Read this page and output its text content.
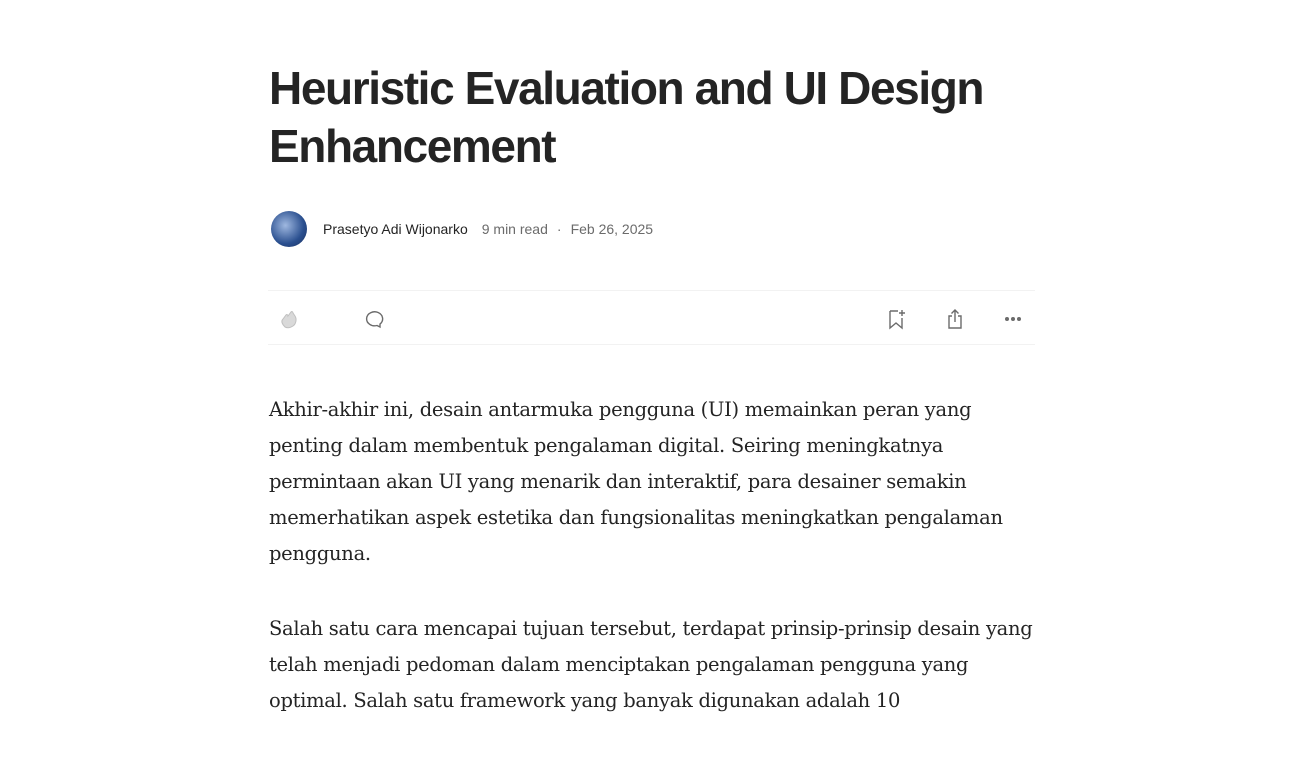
Heuristic Evaluation and UI Design Enhancement
Prasetyo Adi Wijonarko 9 min read · Feb 26, 2025

Akhir-akhir ini, desain antarmuka pengguna (UI) memainkan peran yang penting dalam membentuk pengalaman digital. Seiring meningkatnya permintaan akan UI yang menarik dan interaktif, para desainer semakin memerhatikan aspek estetika dan fungsionalitas meningkatkan pengalaman pengguna.

Salah satu cara mencapai tujuan tersebut, terdapat prinsip-prinsip desain yang telah menjadi pedoman dalam menciptakan pengalaman pengguna yang optimal. Salah satu framework yang banyak digunakan adalah 10
